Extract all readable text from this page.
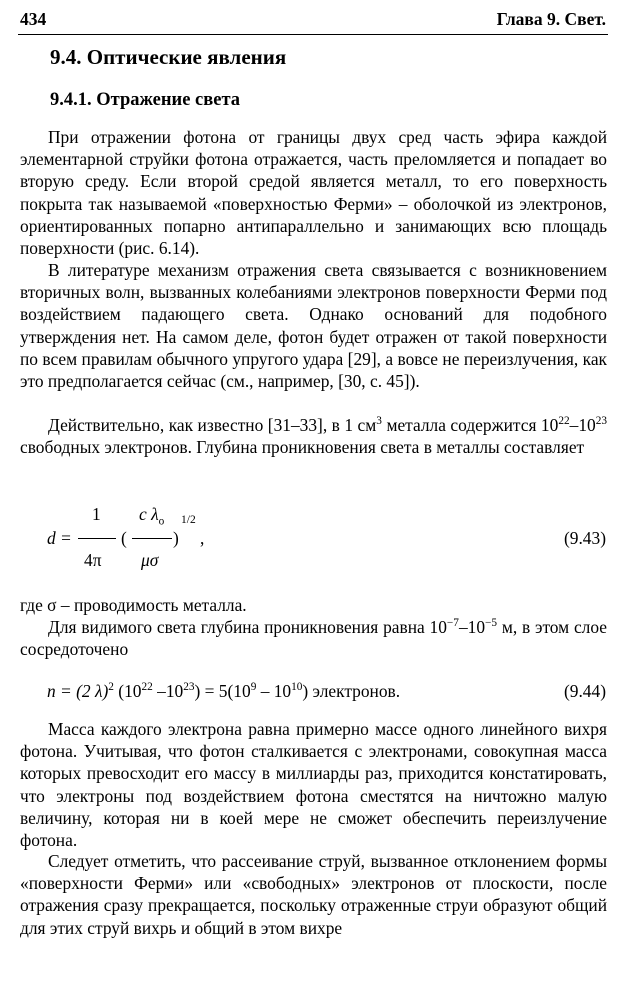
434	Глава 9. Свет.
9.4. Оптические явления
9.4.1. Отражение света
При отражении фотона от границы двух сред часть эфира каждой элементарной струйки фотона отражается, часть преломляется и попадает во вторую среду. Если второй средой является металл, то его поверхность покрыта так называемой «поверхностью Ферми» – оболочкой из электронов, ориентированных попарно антипараллельно и занимающих всю площадь поверхности (рис. 6.14).
В литературе механизм отражения света связывается с возникновением вторичных волн, вызванных колебаниями электронов поверхности Ферми под воздействием падающего света. Однако оснований для подобного утверждения нет. На самом деле, фотон будет отражен от такой поверхности по всем правилам обычного упругого удара [29], а вовсе не переизлучения, как это предполагается сейчас (см., например, [30, с. 45]).
Действительно, как известно [31–33], в 1 $см^3$ металла содержится $10^{22}-10^{23}$ свободных электронов. Глубина проникновения света в металлы составляет
d =
1
4π
(
c $\lambda_o$
μσ
)
1/2
,	(9.43)
где σ – проводимость металла.
Для видимого света глубина проникновения равна $10^{-7}-10^{-5}$ м, в этом слое сосредоточено
n = (2 λ)$^2$ ($10^{22}$ $-10^{23}) = 5(10^9 - 10^{10})$ электронов.	(9.44)
Масса каждого электрона равна примерно массе одного линейного вихря фотона. Учитывая, что фотон сталкивается с электронами, совокупная масса которых превосходит его массу в миллиарды раз, приходится констатировать, что электроны под воздействием фотона сместятся на ничтожно малую величину, которая ни в коей мере не сможет обеспечить переизлучение фотона.
Следует отметить, что рассеивание струй, вызванное отклонением формы «поверхности Ферми» или «свободных» электронов от плоскости, после отражения сразу прекращается, поскольку отраженные струи образуют общий для этих струй вихрь и общий в этом вихре
